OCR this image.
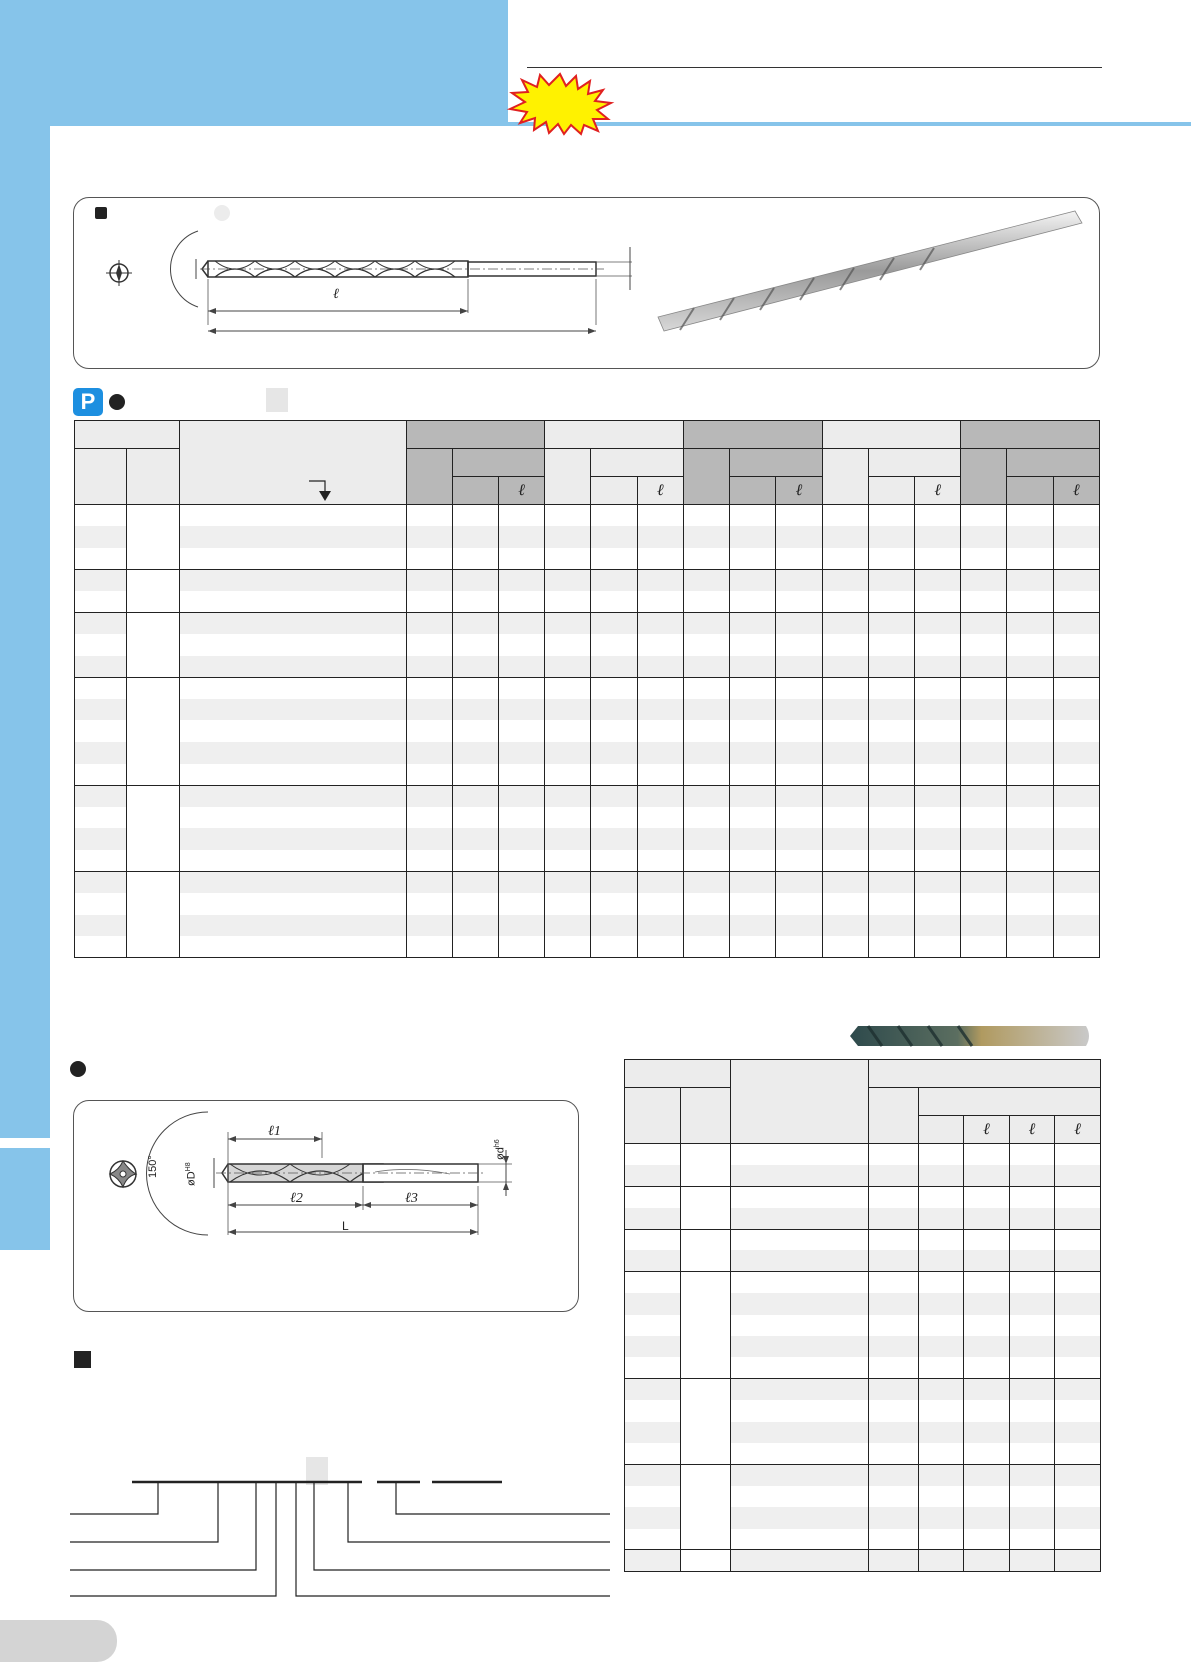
ℓ
P

					ℓ			ℓ			ℓ			ℓ			ℓ

ℓ1
ℓ2	ℓ3
L
150°
$øD^{H8}$
$ød^{h6}$

					ℓ	ℓ	ℓ
